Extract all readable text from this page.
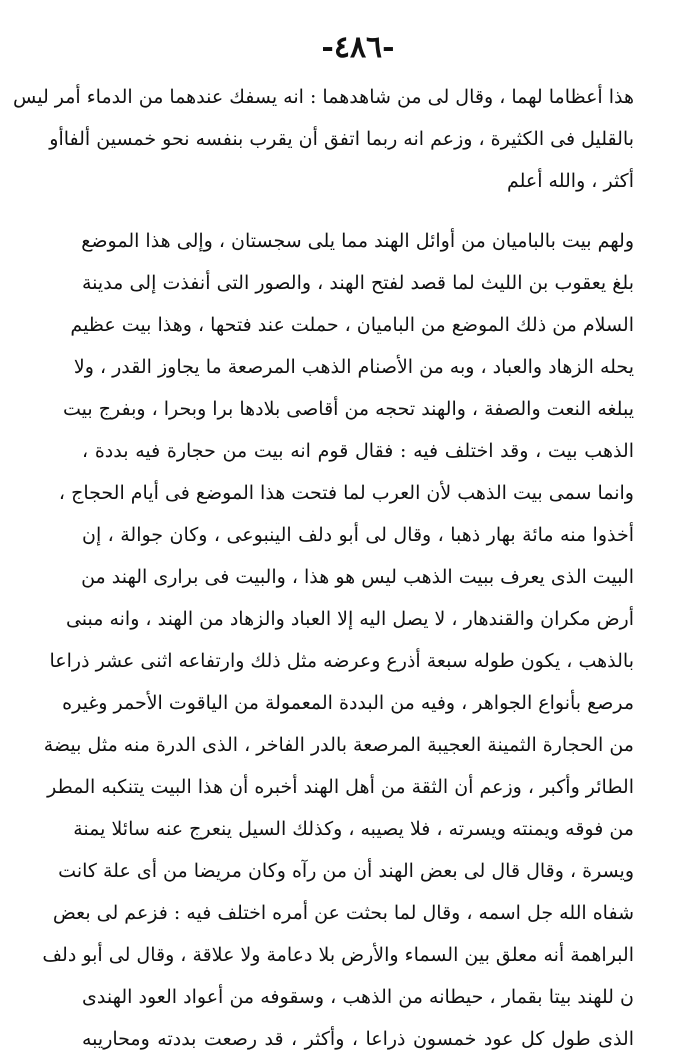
-٤٨٦-
هذا أعظاما لهما ، وقال لى من شاهدهما : انه يسفك عندهما من الدماء أمر ليس
بالقليل فى الكثيرة ، وزعم انه ربما اتفق أن يقرب بنفسه نحو خمسين ألفاأو
أكثر ، والله أعلم
ولهم بيت بالباميان من أوائل الهند مما يلى سجستان ، وإلى هذا الموضع
بلغ يعقوب بن الليث لما قصد لفتح الهند ، والصور التى أنفذت إلى مدينة
السلام من ذلك الموضع من الباميان ، حملت عند فتحها ، وهذا بيت عظيم
يحله الزهاد والعباد ، وبه من الأصنام الذهب المرصعة ما يجاوز القدر ، ولا
يبلغه النعت والصفة ، والهند تحجه من أقاصى بلادها برا وبحرا ، وبفرج بيت
الذهب بيت ، وقد اختلف فيه : فقال قوم انه بيت من حجارة فيه بددة ،
وانما سمى بيت الذهب لأن العرب لما فتحت هذا الموضع فى أيام الحجاج ،
أخذوا منه مائة بهار ذهبا ، وقال لى أبو دلف الينبوعى ، وكان جوالة ، إن
البيت الذى يعرف ببيت الذهب ليس هو هذا ، والبيت فى برارى الهند من
أرض مكران والقندهار ، لا يصل اليه إلا العباد والزهاد من الهند ، وانه مبنى
بالذهب ، يكون طوله سبعة أذرع وعرضه مثل ذلك وارتفاعه اثنى عشر ذراعا
مرصع بأنواع الجواهر ، وفيه من البددة المعمولة من الياقوت الأحمر وغيره
من الحجارة الثمينة العجيبة المرصعة بالدر الفاخر ، الذى الدرة منه مثل بيضة
الطائر وأكبر ، وزعم أن الثقة من أهل الهند أخبره أن هذا البيت يتنكبه المطر
من فوقه ويمنته ويسرته ، فلا يصيبه ، وكذلك السيل ينعرج عنه سائلا يمنة
ويسرة ، وقال قال لى بعض الهند أن من رآه وكان مريضا من أى علة كانت
شفاه الله جل اسمه ، وقال لما بحثت عن أمره اختلف فيه : فزعم لى بعض
البراهمة أنه معلق بين السماء والأرض بلا دعامة ولا علاقة ، وقال لى أبو دلف
ن للهند بيتا بقمار ، حيطانه من الذهب ، وسقوفه من أعواد العود الهندى
الذى طول كل عود خمسون ذراعا ، وأكثر ، قد رصعت بددته ومحاريبه
